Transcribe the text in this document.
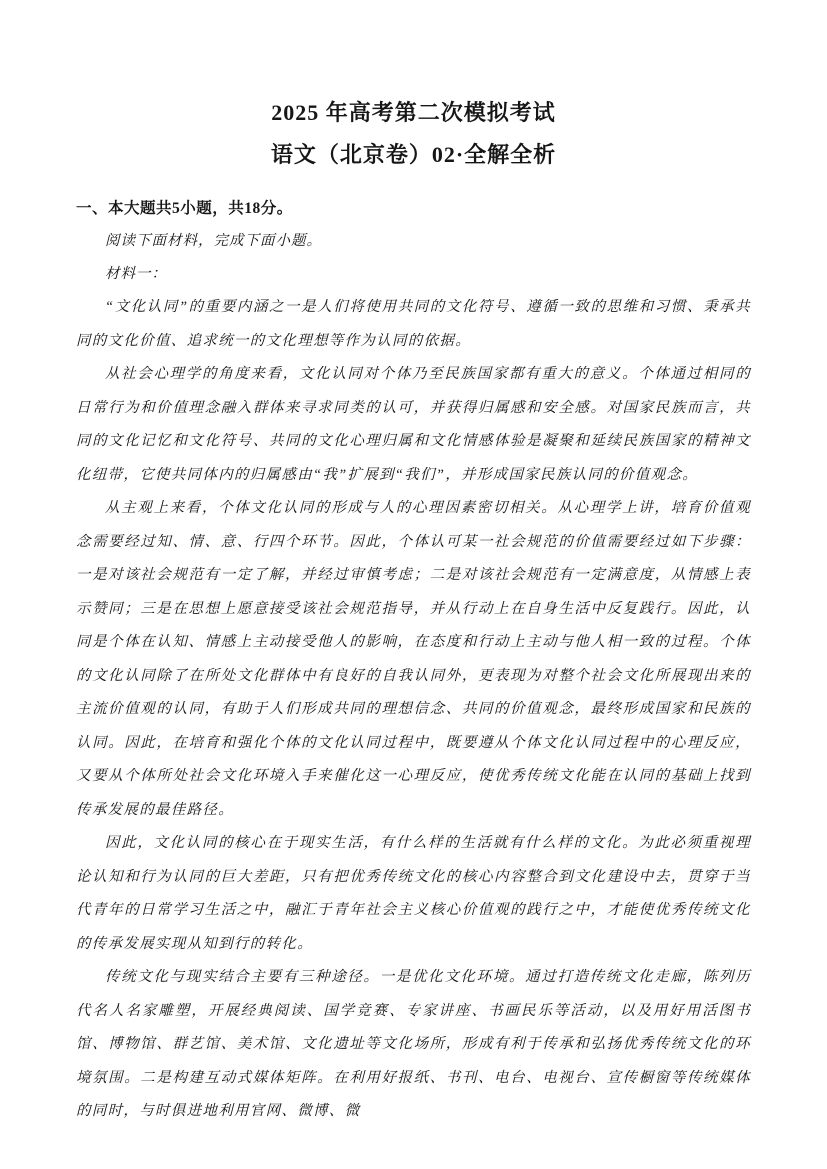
2025 年高考第二次模拟考试
语文（北京卷）02·全解全析

一、本大题共5小题，共18分。

阅读下面材料，完成下面小题。

材料一：

“文化认同”的重要内涵之一是人们将使用共同的文化符号、遵循一致的思维和习惯、秉承共同的文化价值、追求统一的文化理想等作为认同的依据。

从社会心理学的角度来看，文化认同对个体乃至民族国家都有重大的意义。个体通过相同的日常行为和价值理念融入群体来寻求同类的认可，并获得归属感和安全感。对国家民族而言，共同的文化记忆和文化符号、共同的文化心理归属和文化情感体验是凝聚和延续民族国家的精神文化纽带，它使共同体内的归属感由“我”扩展到“我们”，并形成国家民族认同的价值观念。

从主观上来看，个体文化认同的形成与人的心理因素密切相关。从心理学上讲，培育价值观念需要经过知、情、意、行四个环节。因此，个体认可某一社会规范的价值需要经过如下步骤：一是对该社会规范有一定了解，并经过审慎考虑；二是对该社会规范有一定满意度，从情感上表示赞同；三是在思想上愿意接受该社会规范指导，并从行动上在自身生活中反复践行。因此，认同是个体在认知、情感上主动接受他人的影响，在态度和行动上主动与他人相一致的过程。个体的文化认同除了在所处文化群体中有良好的自我认同外，更表现为对整个社会文化所展现出来的主流价值观的认同，有助于人们形成共同的理想信念、共同的价值观念，最终形成国家和民族的认同。因此，在培育和强化个体的文化认同过程中，既要遵从个体文化认同过程中的心理反应，又要从个体所处社会文化环境入手来催化这一心理反应，使优秀传统文化能在认同的基础上找到传承发展的最佳路径。

因此，文化认同的核心在于现实生活，有什么样的生活就有什么样的文化。为此必须重视理论认知和行为认同的巨大差距，只有把优秀传统文化的核心内容整合到文化建设中去，贯穿于当代青年的日常学习生活之中，融汇于青年社会主义核心价值观的践行之中，才能使优秀传统文化的传承发展实现从知到行的转化。

传统文化与现实结合主要有三种途径。一是优化文化环境。通过打造传统文化走廊，陈列历代名人名家雕塑，开展经典阅读、国学竞赛、专家讲座、书画民乐等活动，以及用好用活图书馆、博物馆、群艺馆、美术馆、文化遗址等文化场所，形成有利于传承和弘扬优秀传统文化的环境氛围。二是构建互动式媒体矩阵。在利用好报纸、书刊、电台、电视台、宣传橱窗等传统媒体的同时，与时俱进地利用官网、微博、微
